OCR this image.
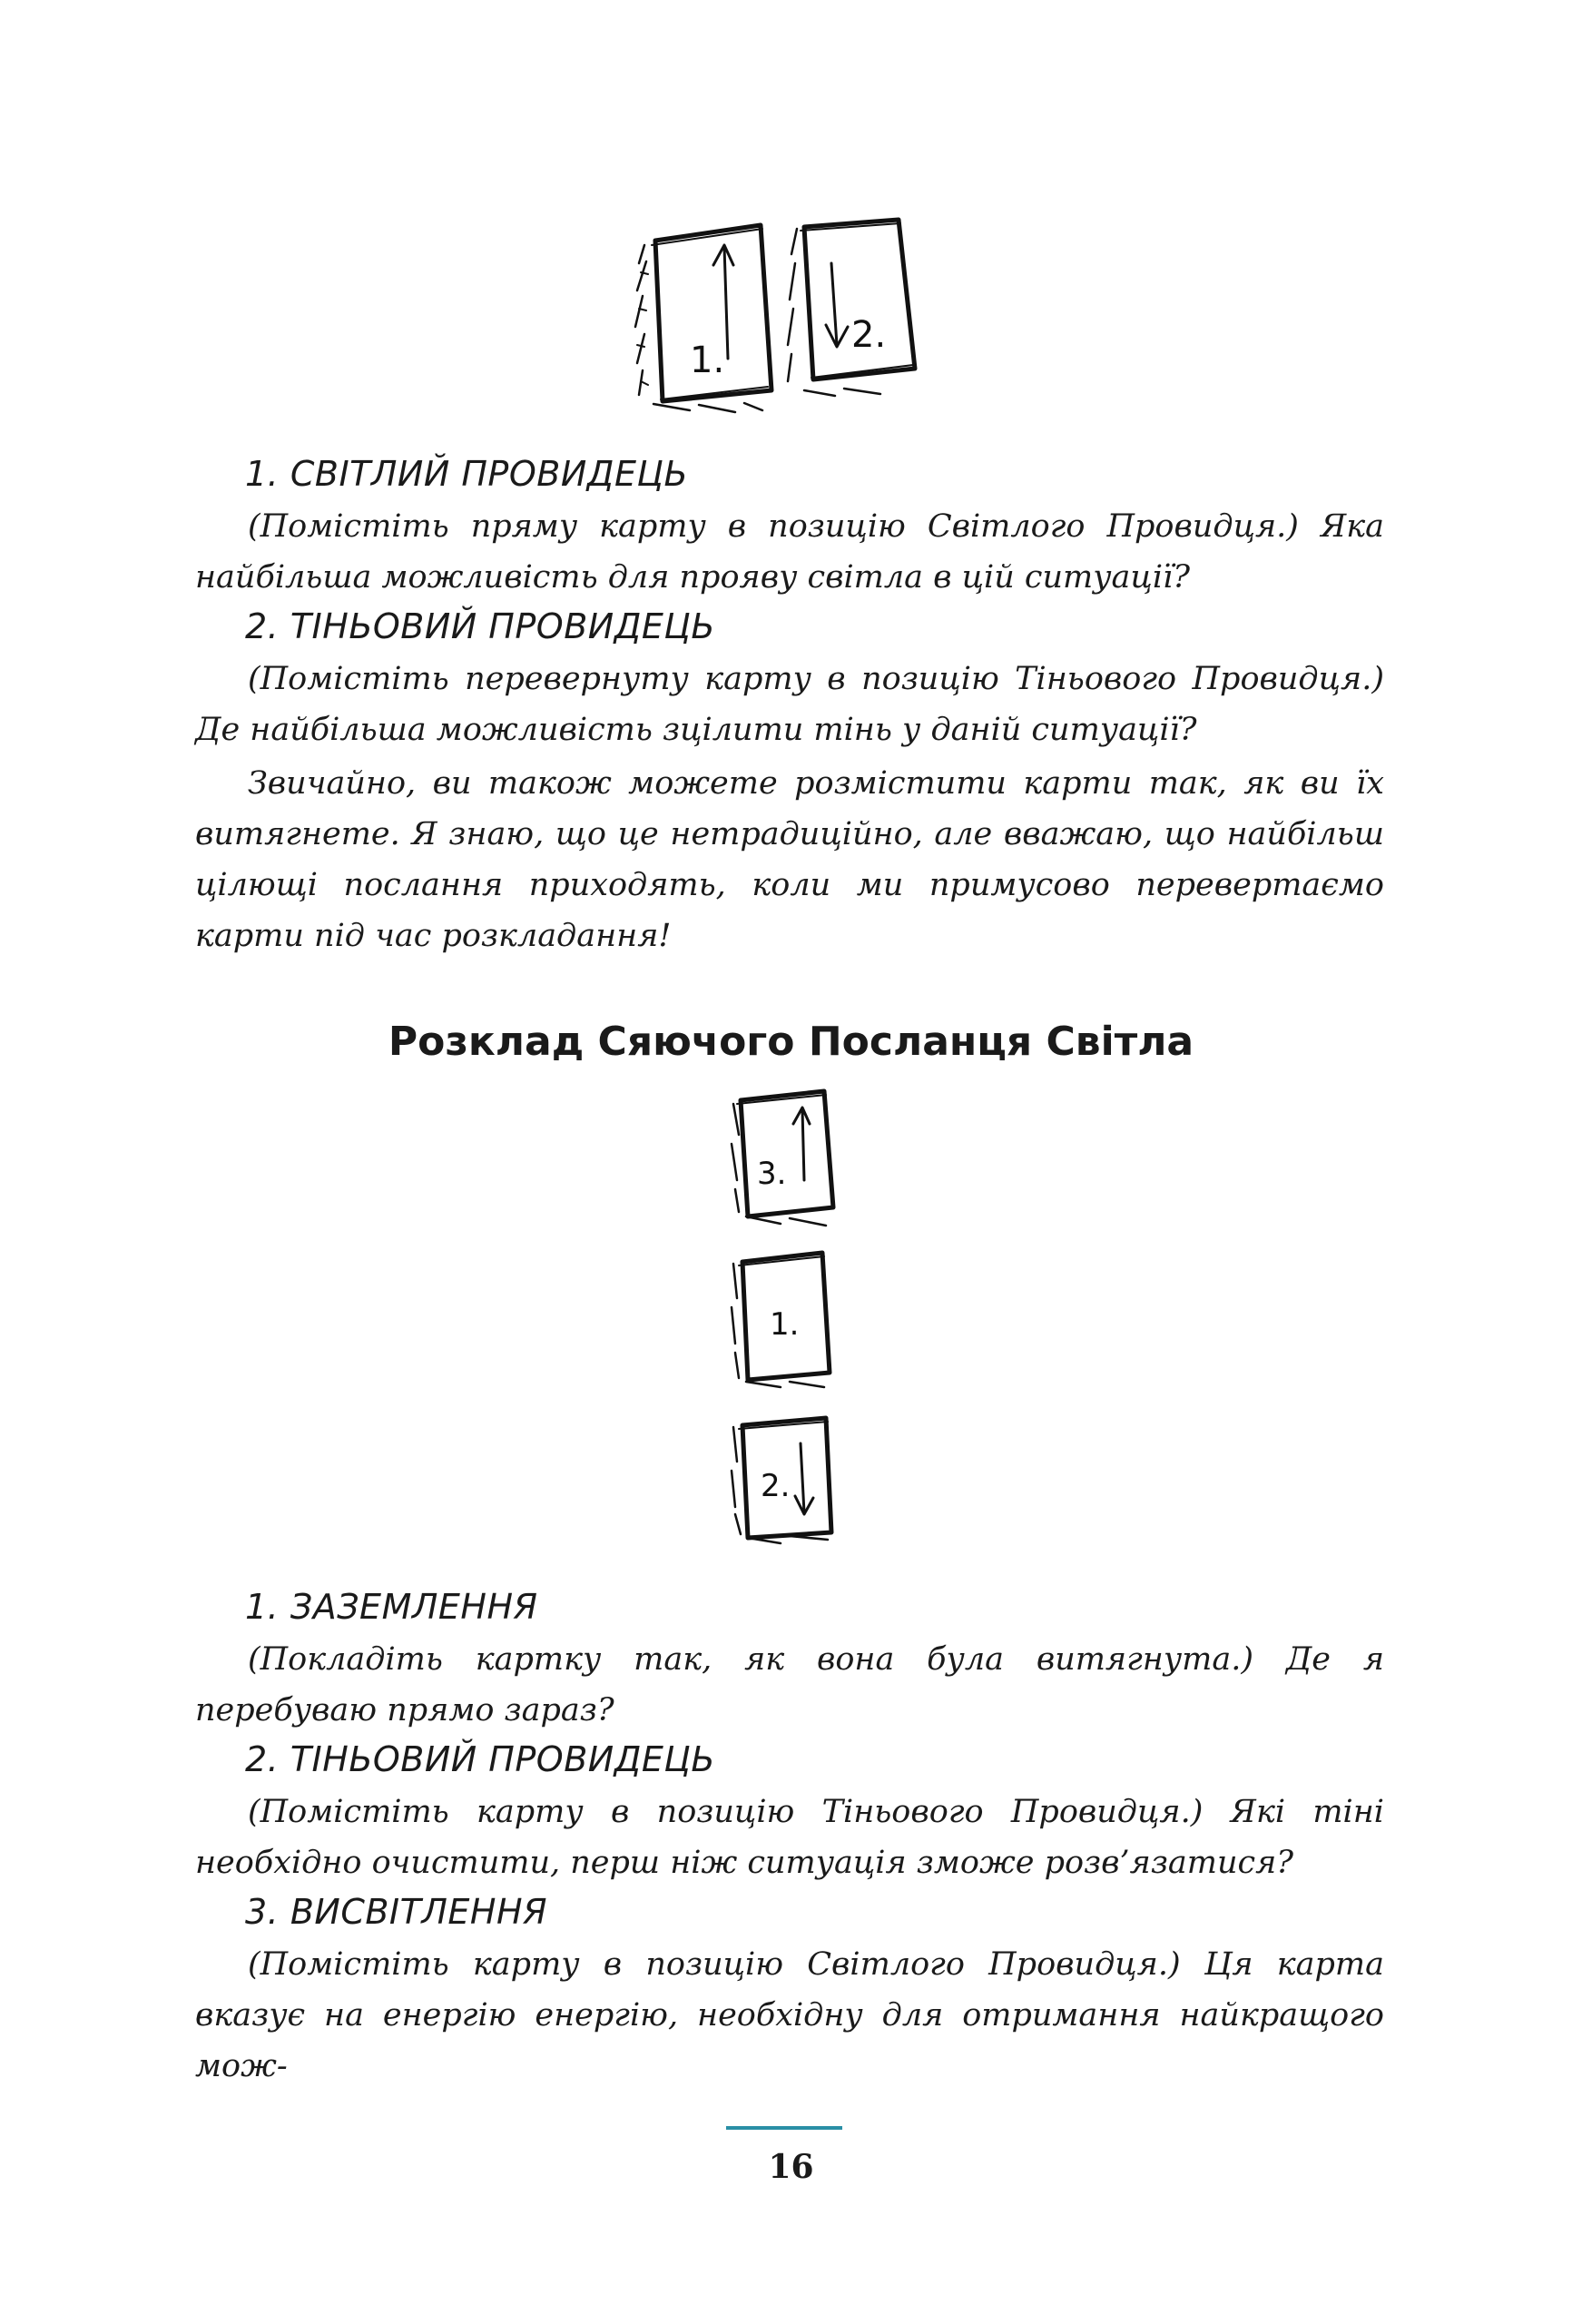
1.
2.

1. СВІТЛИЙ ПРОВИДЕЦЬ

(Помістіть пряму карту в позицію Світлого Провидця.) Яка найбільша можливість для прояву світла в цій ситуації?

2. ТІНЬОВИЙ ПРОВИДЕЦЬ

(Помістіть перевернуту карту в позицію Тіньового Провидця.) Де найбільша можливість зцілити тінь у даній ситуації?

Звичайно, ви також можете розмістити карти так, як ви їх витягнете. Я знаю, що це нетрадиційно, але вважаю, що найбільш цілющі послання приходять, коли ми примусово перевертаємо карти під час розкладання!

Розклад Сяючого Посланця Світла

3.
1.
2.

1. ЗАЗЕМЛЕННЯ

(Покладіть картку так, як вона була витягнута.) Де я перебуваю прямо зараз?

2. ТІНЬОВИЙ ПРОВИДЕЦЬ

(Помістіть карту в позицію Тіньового Провидця.) Які тіні необхідно очистити, перш ніж ситуація зможе розв’язатися?

3. ВИСВІТЛЕННЯ

(Помістіть карту в позицію Світлого Провидця.) Ця карта вказує на енергію енергію, необхідну для отримання найкращого мож-

16
